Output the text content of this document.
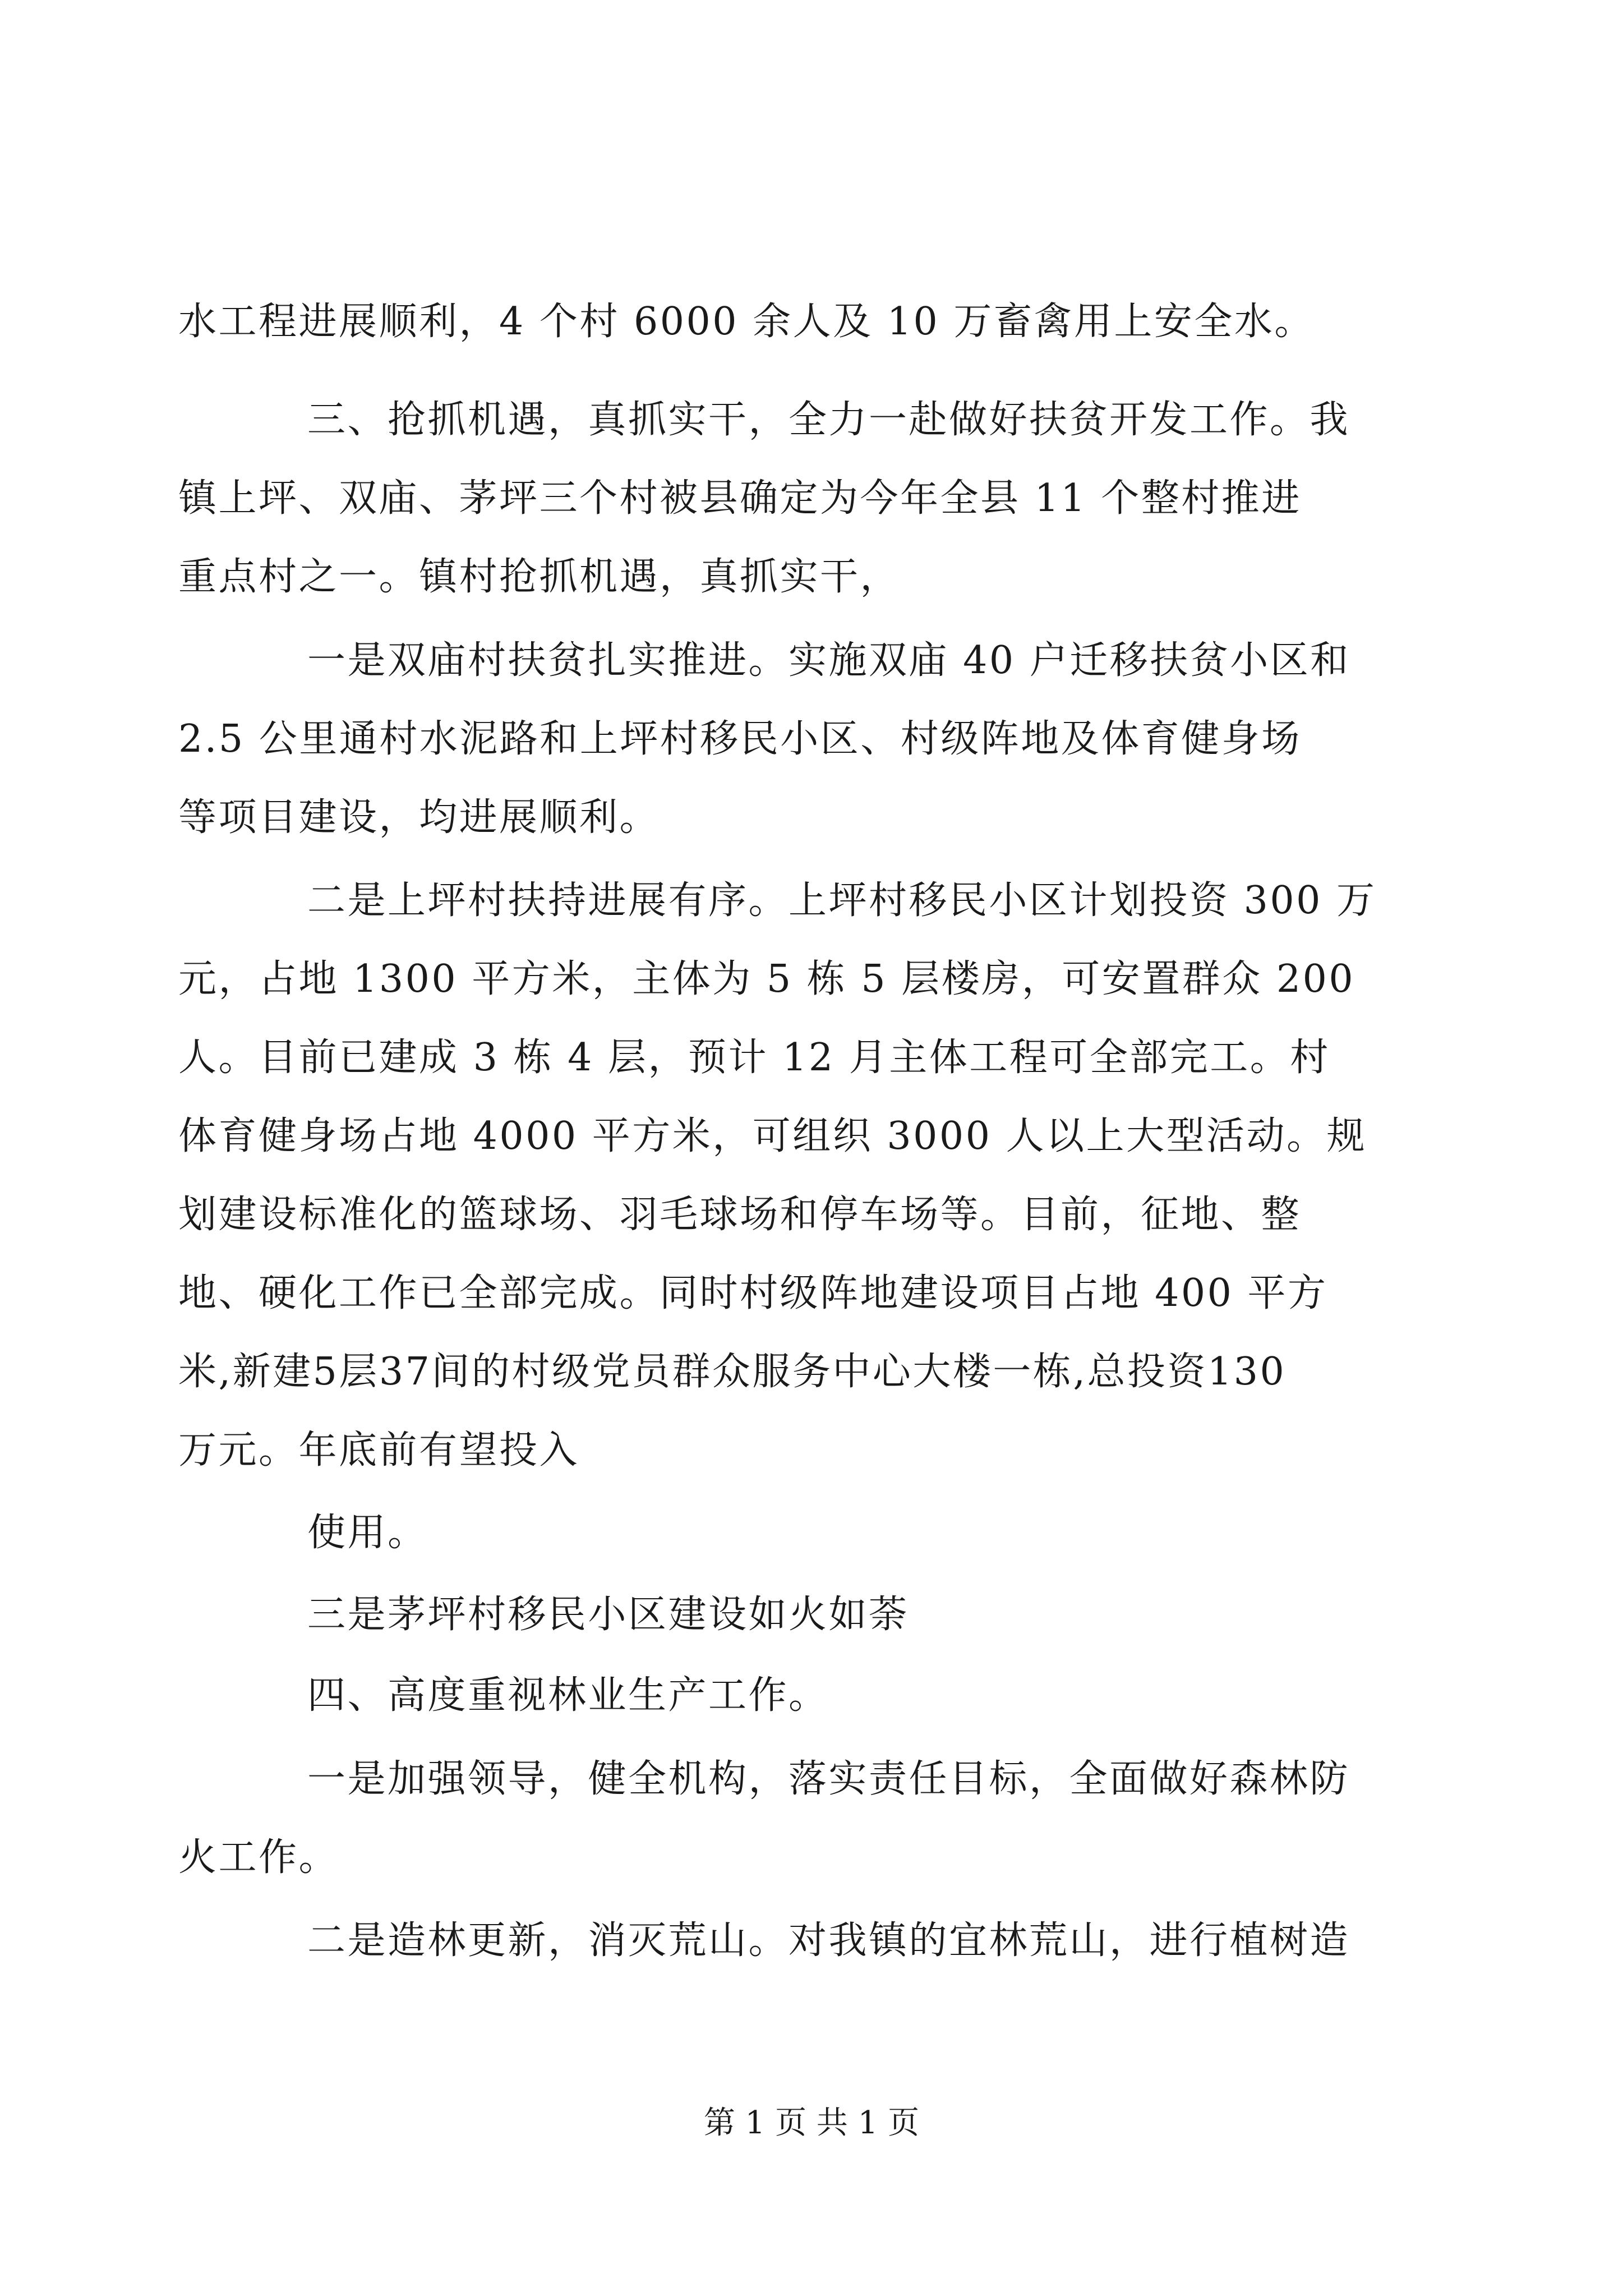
水工程进展顺利，4 个村 6000 余人及 10 万畜禽用上安全水。
三、抢抓机遇，真抓实干，全力一赴做好扶贫开发工作。我
镇上坪、双庙、茅坪三个村被县确定为今年全县 11 个整村推进
重点村之一。镇村抢抓机遇，真抓实干，
一是双庙村扶贫扎实推进。实施双庙 40 户迁移扶贫小区和
2.5 公里通村水泥路和上坪村移民小区、村级阵地及体育健身场
等项目建设，均进展顺利。
二是上坪村扶持进展有序。上坪村移民小区计划投资 300 万
元，占地 1300 平方米，主体为 5 栋 5 层楼房，可安置群众 200
人。目前已建成 3 栋 4 层，预计 12 月主体工程可全部完工。村
体育健身场占地 4000 平方米，可组织 3000 人以上大型活动。规
划建设标准化的篮球场、羽毛球场和停车场等。目前，征地、整
地、硬化工作已全部完成。同时村级阵地建设项目占地 400 平方
米,新建5层37间的村级党员群众服务中心大楼一栋,总投资130
万元。年底前有望投入
使用。
三是茅坪村移民小区建设如火如荼
四、高度重视林业生产工作。
一是加强领导，健全机构，落实责任目标，全面做好森林防
火工作。
二是造林更新，消灭荒山。对我镇的宜林荒山，进行植树造
第 1 页 共 1 页
